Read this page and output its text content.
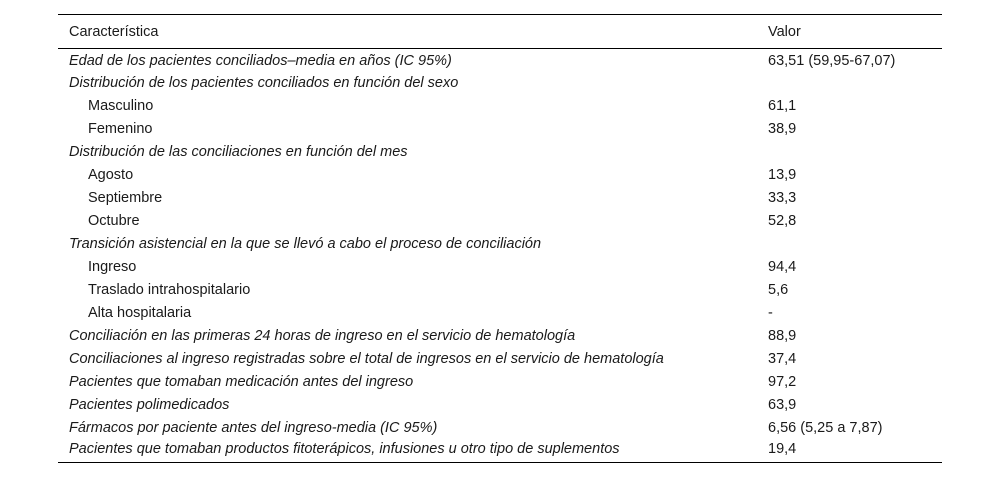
Característica	Valor
Edad de los pacientes conciliados–media en años (IC 95%)	63,51 (59,95-67,07)
Distribución de los pacientes conciliados en función del sexo	
Masculino	61,1
Femenino	38,9
Distribución de las conciliaciones en función del mes	
Agosto	13,9
Septiembre	33,3
Octubre	52,8
Transición asistencial en la que se llevó a cabo el proceso de conciliación	
Ingreso	94,4
Traslado intrahospitalario	5,6
Alta hospitalaria	-
Conciliación en las primeras 24 horas de ingreso en el servicio de hematología	88,9
Conciliaciones al ingreso registradas sobre el total de ingresos en el servicio de hematología	37,4
Pacientes que tomaban medicación antes del ingreso	97,2
Pacientes polimedicados	63,9
Fármacos por paciente antes del ingreso-media (IC 95%)	6,56 (5,25 a 7,87)
Pacientes que tomaban productos fitoterápicos, infusiones u otro tipo de suplementos	19,4
